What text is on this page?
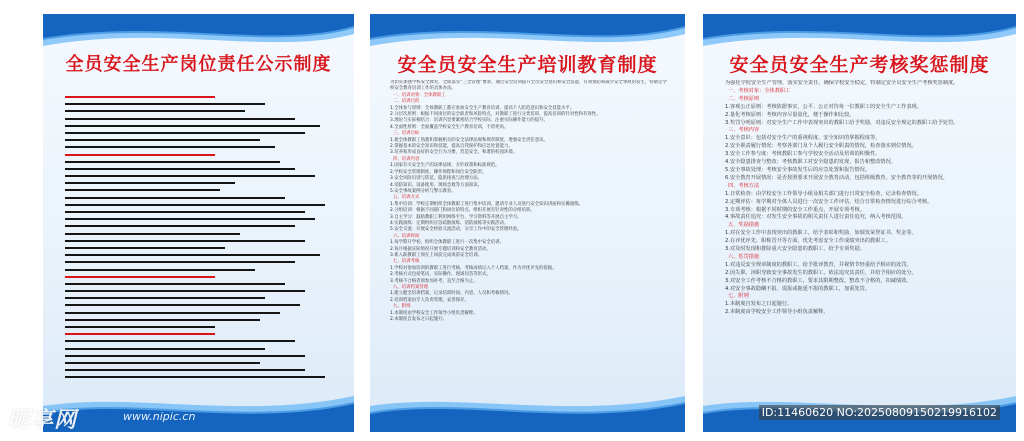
全员安全生产岗位责任公示制度	安全员安全生产培训教育制度

为切实加强学校安全教育，全面落实“三全管理”要求，通过安全培训提升全员安全意识和安全技能，有效预防和减少安全事故的发生，特制定学校安全教育培训工作的具体办法。

一、培训对象：全体教职工

二、培训目的

1.全体参与原则：全体教职工都应参加安全生产教育培训，提高个人防范意识和安全技能水平。

2.分层次原则：根据不同岗位的安全职责和风险特点，对教职工进行分类培训，提高培训的针对性和有效性。

3.理论与实际相结合：培训内容要紧密结合学校实际，注重实际操作能力的提升。

4.全面性原则：全面覆盖学校安全生产教育培训，不留死角。

三、培训目标

1.使全体教职工熟悉和掌握相关的安全法律法规和规章制度，增强安全责任意识。

2.掌握基本的安全知识和技能，提高自我保护和应急处置能力。

3.培养和形成良好的安全行为习惯，营造安全、和谐的校园环境。

四、培训内容

1.国家有关安全生产的法律法规、方针政策和标准规范。

2.学校安全管理制度、操作规程和岗位安全职责。

3.安全风险识别与防范，隐患排查与治理方法。

4.消防知识、设备使用、现场急救等方面知识。

5.安全事故案例分析与警示教育。

五、培训方式

1.集中培训：学校定期组织全体教职工进行集中培训，邀请专业人员进行安全知识讲座和实操演练。

2.分组培训：根据不同部门和岗位的特点，组织开展有针对性的分组培训。

3.自主学习：鼓励教职工利用网络平台、学习资料等开展自主学习。

4.实践演练：定期组织应急疏散演练、消防演练等实践活动。

5.安全交流：开展安全经验交流活动，分享工作中的安全管理经验。

六、培训时间

1.每学期开学初，组织全体教职工进行一次集中安全培训。

2.每月根据实际情况开展专题培训和安全教育活动。

3.新入职教职工须在上岗前完成岗前安全培训。

七、培训考核

1.学校对参加培训的教职工进行考核，考核成绩记入个人档案，作为评优评先的依据。

2.考核方式包括笔试、实际操作、现场问答等形式。

3.考核不合格者须参加补考，直至合格为止。

八、培训档案管理

1.建立健全培训档案，记录培训时间、内容、人员和考核情况。

2.培训档案由专人负责管理，妥善保存。

九、附则

1.本制度由学校安全工作领导小组负责解释。

2.本制度自发布之日起施行。

安全员安全生产考核奖惩制度

为强化学校安全生产管理，落实安全责任，确保学校安全稳定，特制定安全员安全生产考核奖惩制度。

一、考核对象：全体教职工

二、考核原则

1.客观公正原则：考核依据事实，公平、公正对待每一位教职工的安全生产工作表现。

2.量化考核原则：考核内容尽量量化，便于操作和比较。

3.奖罚分明原则：对安全生产工作中表现突出的教职工给予奖励，对违反安全规定的教职工给予处罚。

三、考核内容

1.安全意识：包括对安全生产的重视程度、安全知识的掌握程度等。

2.安全职责履行情况：考察各部门及个人履行安全职责的情况，检查落实到位情况。

3.安全工作参与度：考核教职工参与学校安全活动及培训的积极性。

4.安全隐患排查与整改：考核教职工对安全隐患的发现、报告和整改情况。

5.安全事故处理：考核安全事故发生后的应急处置和报告情况。

6.安全教育开展情况：是否按照要求开展安全教育活动，包括班级教育、安全教育等的开展情况。

四、考核方法

1.日常检查：由学校安全工作领导小组及相关部门进行日常安全检查，记录检查情况。

2.定期评估：每学期对全体人员进行一次安全工作评估，结合日常检查情况进行综合考核。

3.专项考核：根据不同时期的安全工作重点，开展专项考核。

4.事故责任追究：对发生安全事故的相关责任人进行责任追究，纳入考核范围。

五、奖励措施

1.对在安全工作中表现突出的教职工，给予表彰和奖励，如颁发荣誉证书、奖金等。

2.在评优评先、职称晋升等方面，优先考虑安全工作成绩突出的教职工。

3.对及时发现和排除重大安全隐患的教职工，给予专项奖励。

六、惩罚措施

1.对违反安全规章制度的教职工，给予批评教育，并视情节轻重给予相应的处罚。

2.因失职、渎职导致安全事故发生的教职工，依法追究其责任，并给予相应的处分。

3.对安全工作考核不合格的教职工，要求其限期整改，整改不合格的，扣减绩效。

4.对安全事故隐瞒不报、谎报或拖延不报的教职工，加重处罚。

七、附则

1.本制度自发布之日起施行。

2.本制度由学校安全工作领导小组负责解释。

昵享网	www.nipic.cn	ID:11460620 NO:20250809150219916102
